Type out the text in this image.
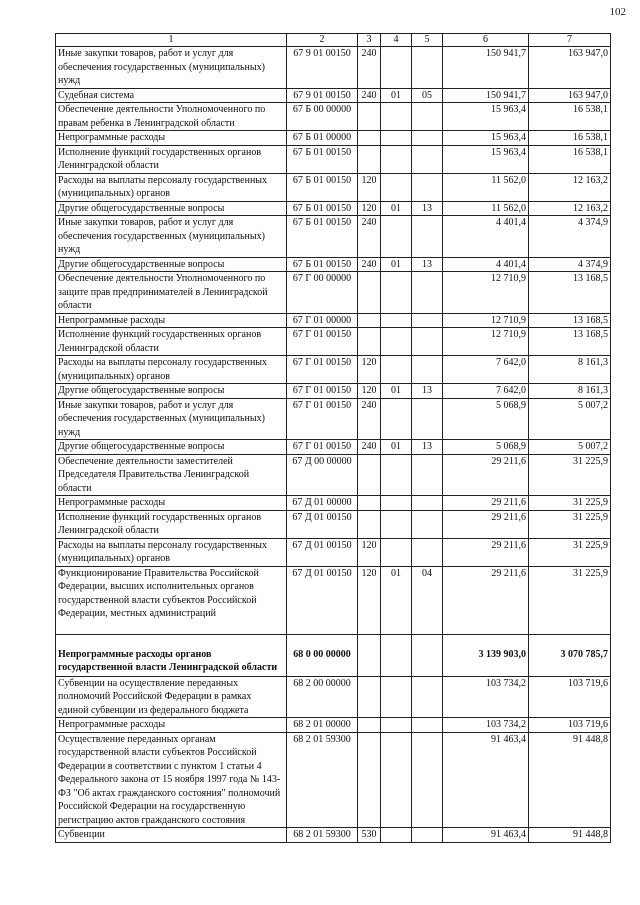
102
1	2	3	4	5	6	7
Иные закупки товаров, работ и услуг для обеспечения государственных (муниципальных) нужд	67 9 01 00150	240			150 941,7	163 947,0
Судебная система	67 9 01 00150	240	01	05	150 941,7	163 947,0
Обеспечение деятельности Уполномоченного по правам ребенка в Ленинградской области	67 Б 00 00000				15 963,4	16 538,1
Непрограммные расходы	67 Б 01 00000				15 963,4	16 538,1
Исполнение функций государственных органов Ленинградской области	67 Б 01 00150				15 963,4	16 538,1
Расходы на выплаты персоналу государственных (муниципальных) органов	67 Б 01 00150	120			11 562,0	12 163,2
Другие общегосударственные вопросы	67 Б 01 00150	120	01	13	11 562,0	12 163,2
Иные закупки товаров, работ и услуг для обеспечения государственных (муниципальных) нужд	67 Б 01 00150	240			4 401,4	4 374,9
Другие общегосударственные вопросы	67 Б 01 00150	240	01	13	4 401,4	4 374,9
Обеспечение деятельности Уполномоченного по защите прав предпринимателей в Ленинградской области	67 Г 00 00000				12 710,9	13 168,5
Непрограммные расходы	67 Г 01 00000				12 710,9	13 168,5
Исполнение функций государственных органов Ленинградской области	67 Г 01 00150				12 710,9	13 168,5
Расходы на выплаты персоналу государственных (муниципальных) органов	67 Г 01 00150	120			7 642,0	8 161,3
Другие общегосударственные вопросы	67 Г 01 00150	120	01	13	7 642,0	8 161,3
Иные закупки товаров, работ и услуг для обеспечения государственных (муниципальных) нужд	67 Г 01 00150	240			5 068,9	5 007,2
Другие общегосударственные вопросы	67 Г 01 00150	240	01	13	5 068,9	5 007,2
Обеспечение деятельности заместителей Председателя Правительства Ленинградской области	67 Д 00 00000				29 211,6	31 225,9
Непрограммные расходы	67 Д 01 00000				29 211,6	31 225,9
Исполнение функций государственных органов Ленинградской области	67 Д 01 00150				29 211,6	31 225,9
Расходы на выплаты персоналу государственных (муниципальных) органов	67 Д 01 00150	120			29 211,6	31 225,9
Функционирование Правительства Российской Федерации, высших исполнительных органов государственной власти субъектов Российской Федерации, местных администраций	67 Д 01 00150	120	01	04	29 211,6	31 225,9
Непрограммные расходы органов государственной власти Ленинградской области	68 0 00 00000				3 139 903,0	3 070 785,7
Субвенции на осуществление переданных полномочий Российской Федерации в рамках единой субвенции из федерального бюджета	68 2 00 00000				103 734,2	103 719,6
Непрограммные расходы	68 2 01 00000				103 734,2	103 719,6
Осуществление переданных органам государственной власти субъектов Российской Федерации в соответствии с пунктом 1 статьи 4 Федерального закона от 15 ноября 1997 года № 143-ФЗ "Об актах гражданского состояния" полномочий Российской Федерации на государственную регистрацию актов гражданского состояния	68 2 01 59300				91 463,4	91 448,8
Субвенции	68 2 01 59300	530			91 463,4	91 448,8
